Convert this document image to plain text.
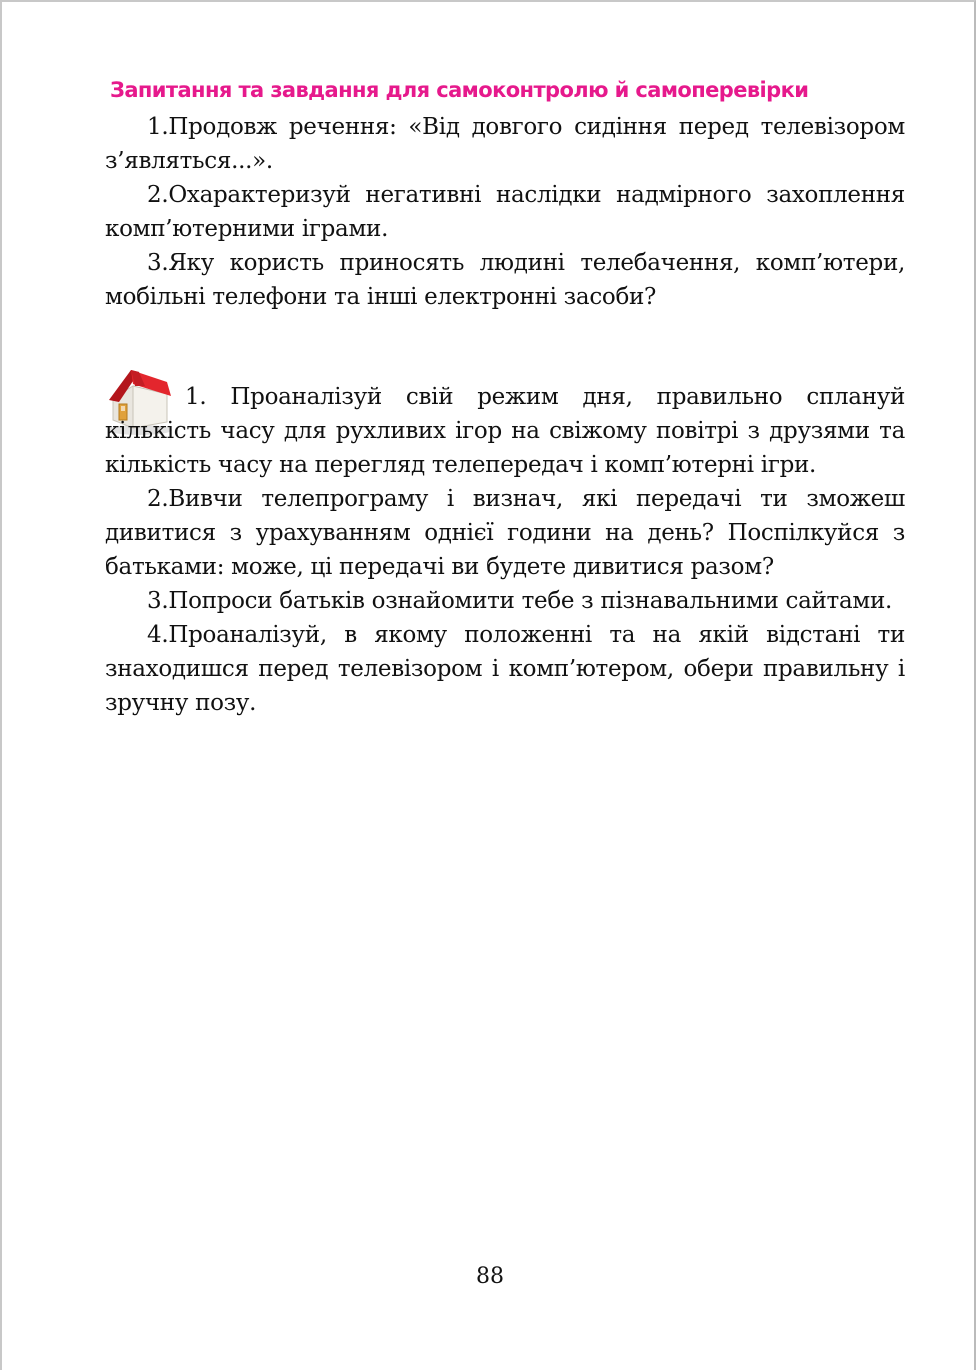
Запитання та завдання для самоконтролю й самоперевірки

1.Продовж речення: «Від довгого сидіння перед телевізором з’являться...».

2.Охарактеризуй негативні наслідки надмірного захоплення комп’ютерними іграми.

3.Яку користь приносять людині телебачення, комп’ютери, мобільні телефони та інші електронні засоби?

1. Проаналізуй свій режим дня, правильно сплануй кількість часу для рухливих ігор на свіжому повітрі з друзями та кількість часу на перегляд телепередач і комп’ютерні ігри.

2.Вивчи телепрограму і визнач, які передачі ти зможеш дивитися з урахуванням однієї години на день? Поспілкуйся з батьками: може, ці передачі ви будете дивитися разом?

3.Попроси батьків ознайомити тебе з пізнавальними сайтами.

4.Проаналізуй, в якому положенні та на якій відстані ти знаходишся перед телевізором і комп’ютером, обери правильну і зручну позу.

88
